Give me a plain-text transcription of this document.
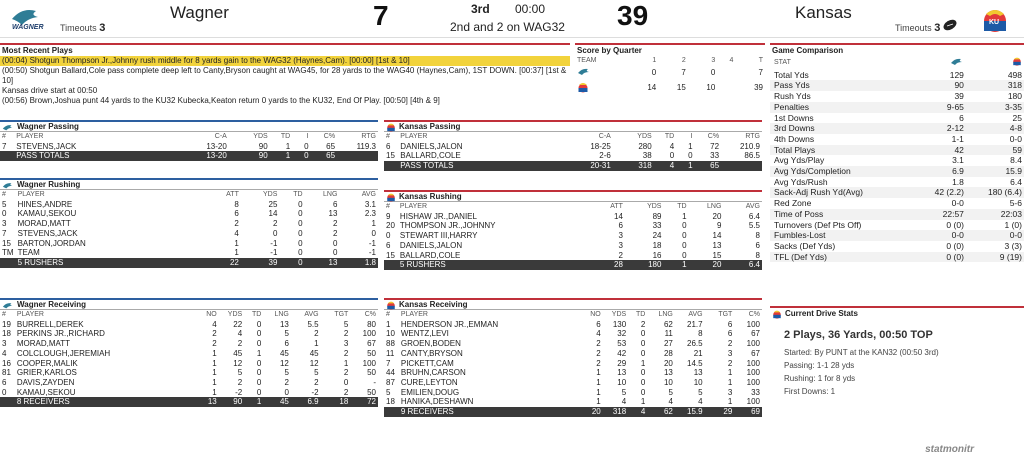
WAGNER
Wagner
Timeouts 3	7	3rd 00:00
2nd and 2 on WAG32 39	Kansas
Timeouts 3	KU
Most Recent Plays
(00:04) Shotgun Thompson Jr.,Johnny rush middle for 8 yards gain to the WAG32 (Haynes,Cam). [00:00] [1st & 10]
(00:50) Shotgun Ballard,Cole pass complete deep left to Canty,Bryson caught at WAG45, for 28 yards to the WAG40 (Haynes,Cam), 1ST DOWN. [00:37] [1st & 10]
Kansas drive start at 00:50
(00:56) Brown,Joshua punt 44 yards to the KU32 Kubecka,Keaton return 0 yards to the KU32, End Of Play. [00:50] [4th & 9]
Score by Quarter
TEAM	1	2	3	4	T
	0	7	0		7
	14	15	10		39
Game Comparison
STAT		
Total Yds	129	498
Pass Yds	90	318
Rush Yds	39	180
Penalties	9-65	3-35
1st Downs	6	25
3rd Downs	2-12	4-8
4th Downs	1-1	0-0
Total Plays	42	59
Avg Yds/Play	3.1	8.4
Avg Yds/Completion	6.9	15.9
Avg Yds/Rush	1.8	6.4
Sack-Adj Rush Yd(Avg)	42 (2.2)	180 (6.4)
Red Zone	0-0	5-6
Time of Poss	22:57	22:03
Turnovers (Def Pts Off)	0 (0)	1 (0)
Fumbles-Lost	0-0	0-0
Sacks (Def Yds)	0 (0)	3 (3)
TFL (Def Yds)	0 (0)	9 (19)
Current Drive Stats
2 Plays, 36 Yards, 00:50 TOP
Started: By PUNT at the KAN32 (00:50 3rd)
Passing: 1-1 28 yds
Rushing: 1 for 8 yds
First Downs: 1
Wagner Passing
#	PLAYER	C-A	YDS	TD	I	C%	RTG
7	STEVENS,JACK	13-20	90	1	0	65	119.3
	PASS TOTALS	13-20	90	1	0	65	
Wagner Rushing
#	PLAYER	ATT	YDS	TD	LNG	AVG
5	HINES,ANDRE	8	25	0	6	3.1
0	KAMAU,SEKOU	6	14	0	13	2.3
3	MORAD,MATT	2	2	0	2	1
7	STEVENS,JACK	4	0	0	2	0
15	BARTON,JORDAN	1	-1	0	0	-1
TM	TEAM	1	-1	0	0	-1
	5 RUSHERS	22	39	0	13	1.8
Wagner Receiving
#	PLAYER	NO	YDS	TD	LNG	AVG	TGT	C%
19	BURRELL,DEREK	4	22	0	13	5.5	5	80
18	PERKINS JR.,RICHARD	2	4	0	5	2	2	100
3	MORAD,MATT	2	2	0	6	1	3	67
4	COLCLOUGH,JEREMIAH	1	45	1	45	45	2	50
16	COOPER,MALIK	1	12	0	12	12	1	100
81	GRIER,KARLOS	1	5	0	5	5	2	50
6	DAVIS,ZAYDEN	1	2	0	2	2	0	-
0	KAMAU,SEKOU	1	-2	0	0	-2	2	50
	8 RECEIVERS	13	90	1	45	6.9	18	72
Kansas Passing
#	PLAYER	C-A	YDS	TD	I	C%	RTG
6	DANIELS,JALON	18-25	280	4	1	72	210.9
15	BALLARD,COLE	2-6	38	0	0	33	86.5
	PASS TOTALS	20-31	318	4	1	65	
Kansas Rushing
#	PLAYER	ATT	YDS	TD	LNG	AVG
9	HISHAW JR.,DANIEL	14	89	1	20	6.4
20	THOMPSON JR.,JOHNNY	6	33	0	9	5.5
0	STEWART III,HARRY	3	24	0	14	8
6	DANIELS,JALON	3	18	0	13	6
15	BALLARD,COLE	2	16	0	15	8
	5 RUSHERS	28	180	1	20	6.4
Kansas Receiving
#	PLAYER	NO	YDS	TD	LNG	AVG	TGT	C%
1	HENDERSON JR.,EMMAN	6	130	2	62	21.7	6	100
10	WENTZ,LEVI	4	32	0	11	8	6	67
88	GROEN,BODEN	2	53	0	27	26.5	2	100
11	CANTY,BRYSON	2	42	0	28	21	3	67
7	PICKETT,CAM	2	29	1	20	14.5	2	100
44	BRUHN,CARSON	1	13	0	13	13	1	100
87	CURE,LEYTON	1	10	0	10	10	1	100
5	EMILIEN,DOUG	1	5	0	5	5	3	33
18	HANIKA,DESHAWN	1	4	1	4	4	1	100
	9 RECEIVERS	20	318	4	62	15.9	29	69
statmonitr
